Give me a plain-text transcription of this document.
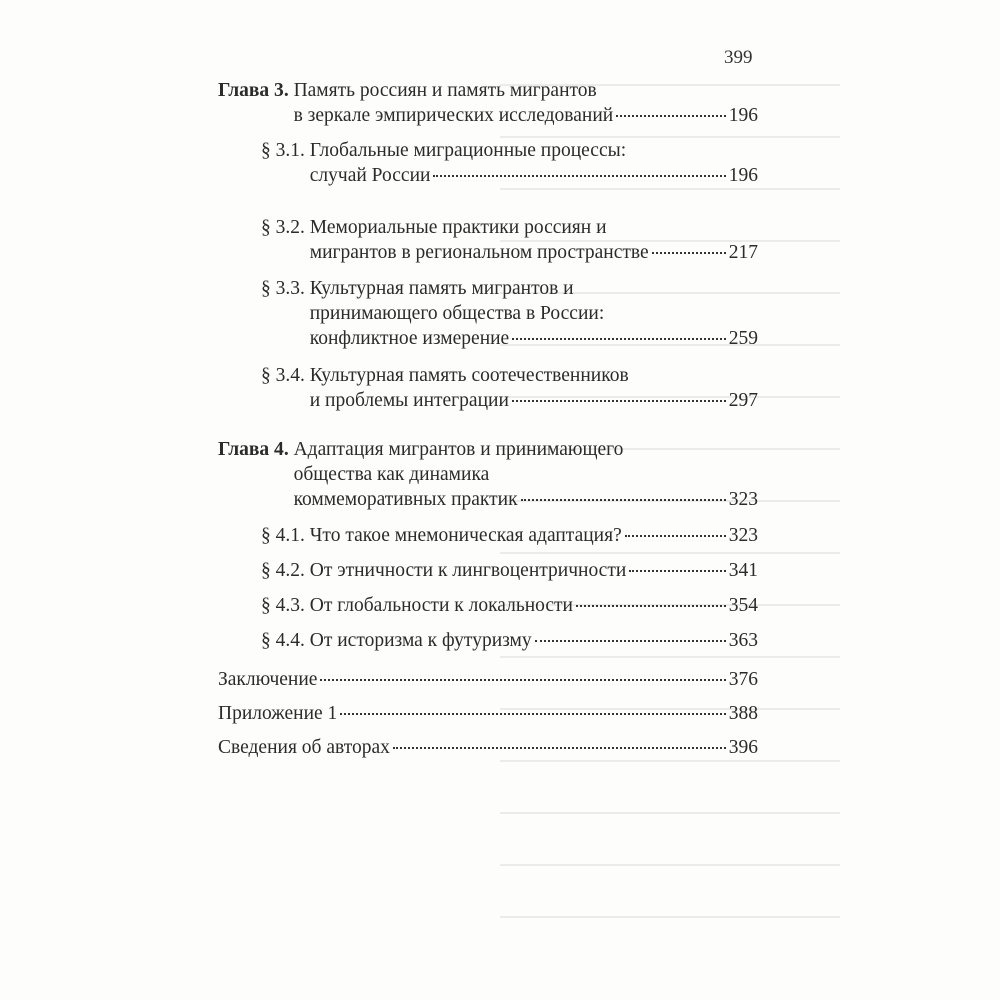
399
Глава 3. Память россиян и память мигрантов
в зеркале эмпирических исследований	196
§ 3.1. Глобальные миграционные процессы:
случай России	196
§ 3.2. Мемориальные практики россиян и
мигрантов в региональном пространстве	217
§ 3.3. Культурная память мигрантов и
принимающего общества в России:
конфликтное измерение	259
§ 3.4. Культурная память соотечественников
и проблемы интеграции	297
Глава 4. Адаптация мигрантов и принимающего
общества как динамика
коммеморативных практик	323
§ 4.1. Что такое мнемоническая адаптация?	323
§ 4.2. От этничности к лингвоцентричности	341
§ 4.3. От глобальности к локальности	354
§ 4.4. От историзма к футуризму	363
Заключение	376
Приложение 1	388
Сведения об авторах	396
